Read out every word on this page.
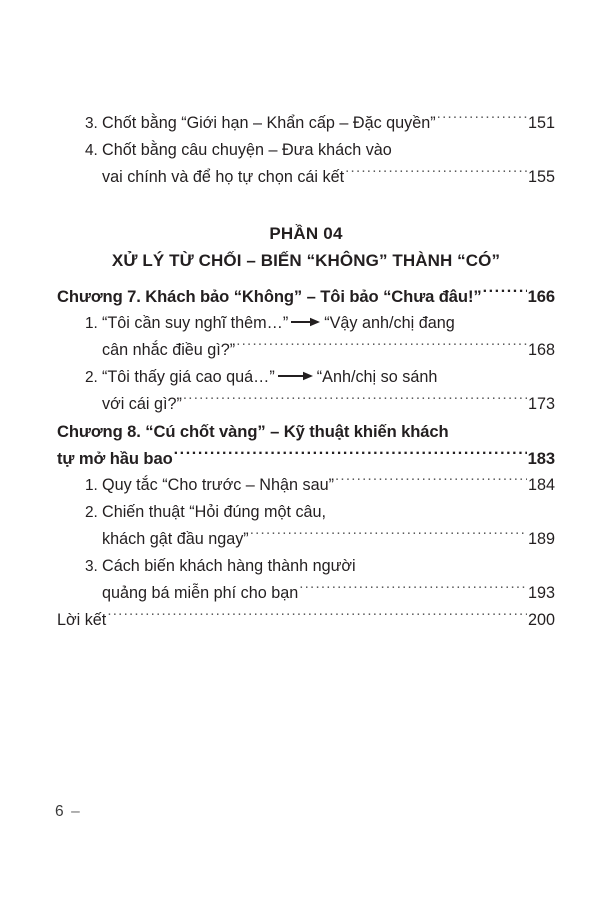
3. Chốt bằng “Giới hạn – Khẩn cấp – Đặc quyền” .....	151
4. Chốt bằng câu chuyện – Đưa khách vào
vai chính và để họ tự chọn cái kết .....	155
PHẦN 04
XỬ LÝ TỪ CHỐI – BIẾN “KHÔNG” THÀNH “CÓ”
Chương 7. Khách bảo “Không” – Tôi bảo “Chưa đâu!” .....	166
1. “Tôi cần suy nghĩ thêm…” “Vậy anh/chị đang
cân nhắc điều gì?” .....	168
2. “Tôi thấy giá cao quá…”	“Anh/chị so sánh
với cái gì?” .....	173
Chương 8. “Cú chốt vàng” – Kỹ thuật khiến khách
tự mở hầu bao .....	183
1. Quy tắc “Cho trước – Nhận sau” .....	184
2. Chiến thuật “Hỏi đúng một câu,
khách gật đầu ngay” .....	189
3. Cách biến khách hàng thành người
quảng bá miễn phí cho bạn .....	193
Lời kết .....	200
6 –
